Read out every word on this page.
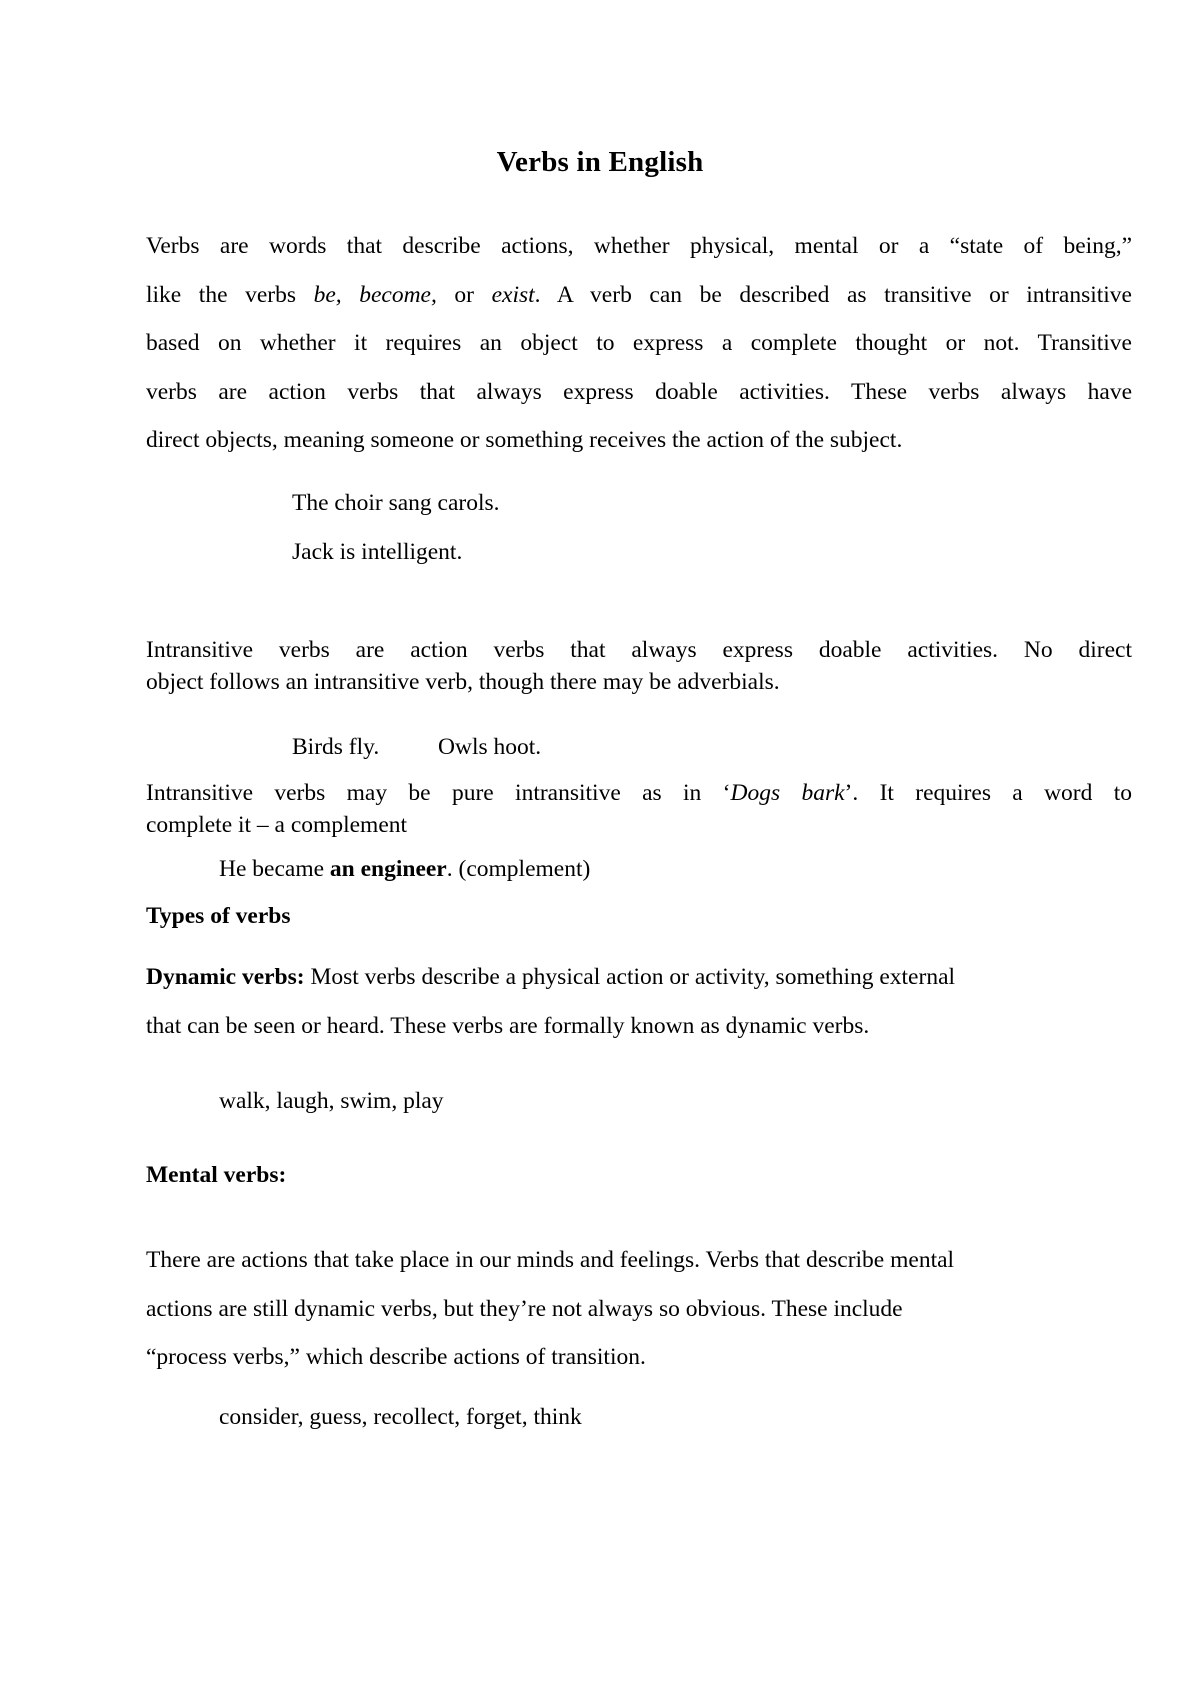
Verbs in English
Verbs are words that describe actions, whether physical, mental or a “state of being,”
like the verbs be, become, or exist. A verb can be described as transitive or intransitive
based on whether it requires an object to express a complete thought or not. Transitive
verbs are action verbs that always express doable activities. These verbs always have
direct objects, meaning someone or something receives the action of the subject.
The choir sang carols.
Jack is intelligent.
Intransitive verbs are action verbs that always express doable activities. No direct
object follows an intransitive verb, though there may be adverbials.
Birds fly. Owls hoot.
Intransitive verbs may be pure intransitive as in ‘Dogs bark’. It requires a word to
complete it – a complement
He became an engineer. (complement)
Types of verbs
Dynamic verbs: Most verbs describe a physical action or activity, something external
that can be seen or heard. These verbs are formally known as dynamic verbs.
walk, laugh, swim, play
Mental verbs:
There are actions that take place in our minds and feelings. Verbs that describe mental
actions are still dynamic verbs, but they’re not always so obvious. These include
“process verbs,” which describe actions of transition.
consider, guess, recollect, forget, think
